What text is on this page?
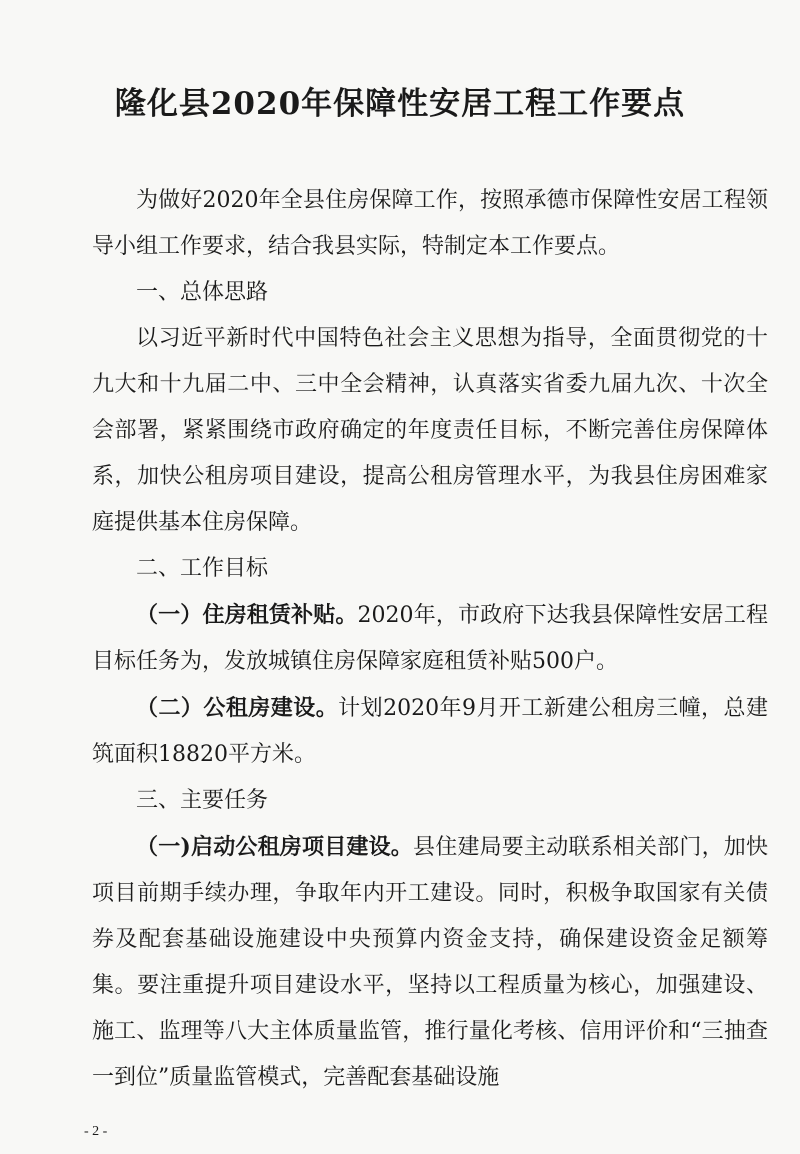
隆化县2020年保障性安居工程工作要点

为做好2020年全县住房保障工作，按照承德市保障性安居工程领导小组工作要求，结合我县实际，特制定本工作要点。

一、总体思路

以习近平新时代中国特色社会主义思想为指导，全面贯彻党的十九大和十九届二中、三中全会精神，认真落实省委九届九次、十次全会部署，紧紧围绕市政府确定的年度责任目标，不断完善住房保障体系，加快公租房项目建设，提高公租房管理水平，为我县住房困难家庭提供基本住房保障。

二、工作目标

（一）住房租赁补贴。2020年，市政府下达我县保障性安居工程目标任务为，发放城镇住房保障家庭租赁补贴500户。

（二）公租房建设。计划2020年9月开工新建公租房三幢，总建筑面积18820平方米。

三、主要任务

（一)启动公租房项目建设。县住建局要主动联系相关部门，加快项目前期手续办理，争取年内开工建设。同时，积极争取国家有关债券及配套基础设施建设中央预算内资金支持，确保建设资金足额筹集。要注重提升项目建设水平，坚持以工程质量为核心，加强建设、施工、监理等八大主体质量监管，推行量化考核、信用评价和“三抽查一到位”质量监管模式，完善配套基础设施

- 2 -
